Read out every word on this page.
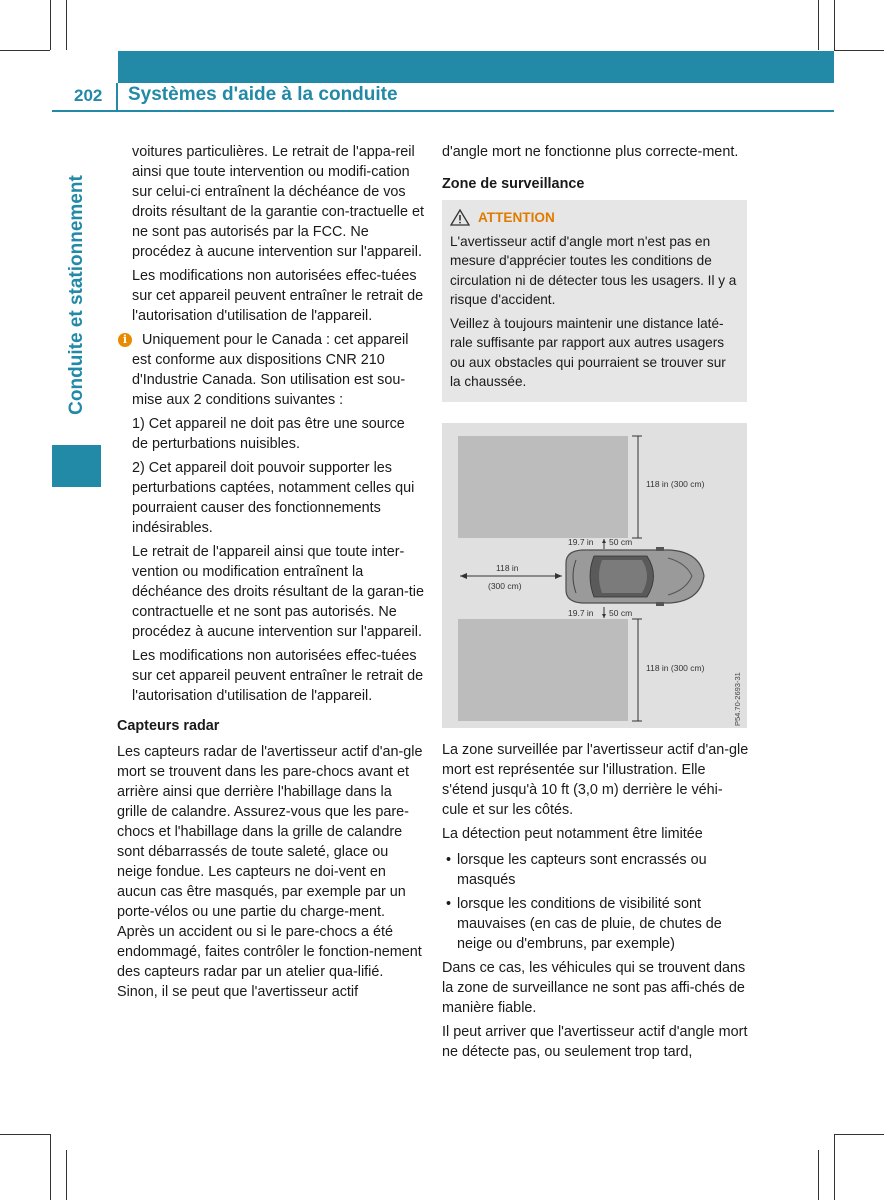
202 Systèmes d'aide à la conduite
Conduite et stationnement

voitures particulières. Le retrait de l'appa-reil ainsi que toute intervention ou modifi-cation sur celui-ci entraînent la déchéance de vos droits résultant de la garantie con-tractuelle et ne sont pas autorisés par la FCC. Ne procédez à aucune intervention sur l'appareil.

Les modifications non autorisées effec-tuées sur cet appareil peuvent entraîner le retrait de l'autorisation d'utilisation de l'appareil.

i	Uniquement pour le Canada : cet appareil est conforme aux dispositions CNR 210 d'Industrie Canada. Son utilisation est sou-mise aux 2 conditions suivantes :

1) Cet appareil ne doit pas être une source de perturbations nuisibles.

2) Cet appareil doit pouvoir supporter les perturbations captées, notamment celles qui pourraient causer des fonctionnements indésirables.

Le retrait de l'appareil ainsi que toute inter-vention ou modification entraînent la déchéance des droits résultant de la garan-tie contractuelle et ne sont pas autorisés. Ne procédez à aucune intervention sur l'appareil.

Les modifications non autorisées effec-tuées sur cet appareil peuvent entraîner le retrait de l'autorisation d'utilisation de l'appareil.

Capteurs radar

Les capteurs radar de l'avertisseur actif d'an-gle mort se trouvent dans les pare-chocs avant et arrière ainsi que derrière l'habillage dans la grille de calandre. Assurez-vous que les pare-chocs et l'habillage dans la grille de calandre sont débarrassés de toute saleté, glace ou neige fondue. Les capteurs ne doi-vent en aucun cas être masqués, par exemple par un porte-vélos ou une partie du charge-ment. Après un accident ou si le pare-chocs a été endommagé, faites contrôler le fonction-nement des capteurs radar par un atelier qua-lifié. Sinon, il se peut que l'avertisseur actif

d'angle mort ne fonctionne plus correcte-ment.

Zone de surveillance
ATTENTION

L'avertisseur actif d'angle mort n'est pas en mesure d'apprécier toutes les conditions de circulation ni de détecter tous les usagers. Il y a risque d'accident.

Veillez à toujours maintenir une distance laté-rale suffisante par rapport aux autres usagers ou aux obstacles qui pourraient se trouver sur la chaussée.

118 in (300 cm)
118 in (300 cm)
118 in
(300 cm)
19.7 in 50 cm
19.7 in 50 cm
P54.70-2693-31

La zone surveillée par l'avertisseur actif d'an-gle mort est représentée sur l'illustration. Elle s'étend jusqu'à 10 ft (3,0 m) derrière le véhi-cule et sur les côtés.

La détection peut notamment être limitée

• lorsque les capteurs sont encrassés ou masqués
• lorsque les conditions de visibilité sont mauvaises (en cas de pluie, de chutes de neige ou d'embruns, par exemple)

Dans ce cas, les véhicules qui se trouvent dans la zone de surveillance ne sont pas affi-chés de manière fiable.

Il peut arriver que l'avertisseur actif d'angle mort ne détecte pas, ou seulement trop tard,
